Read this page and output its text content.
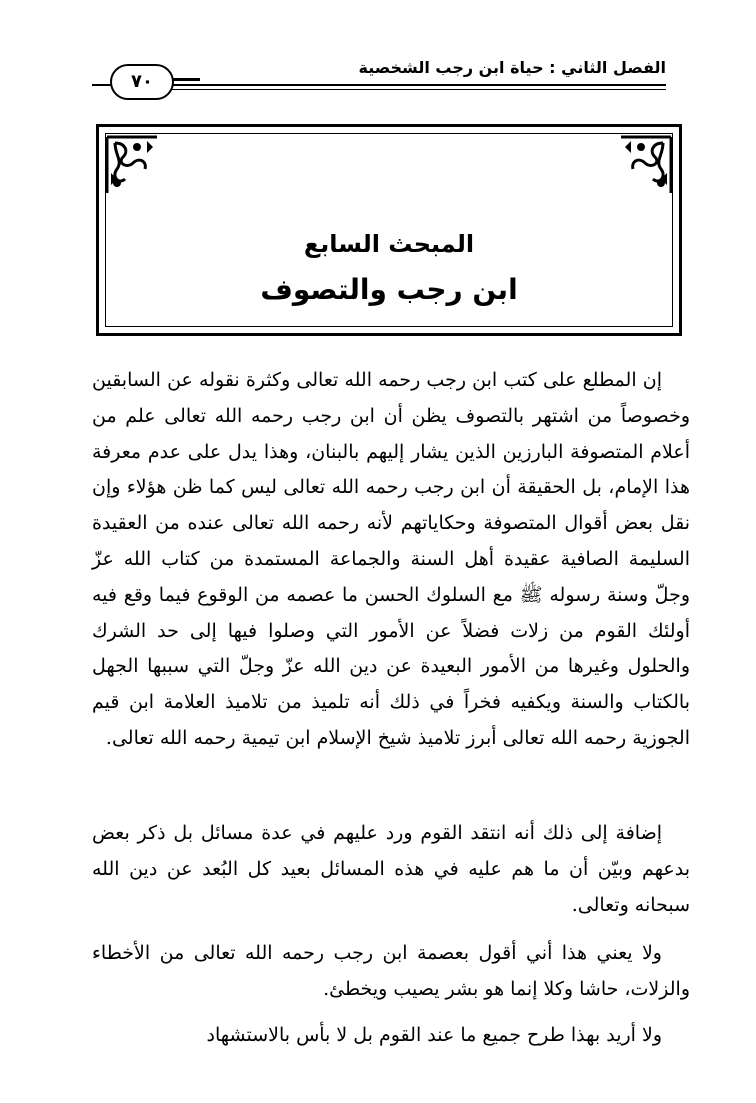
الفصل الثاني : حياة ابن رجب الشخصية
٧٠
المبحث السابع
ابن رجب والتصوف

إن المطلع على كتب ابن رجب رحمه الله تعالى وكثرة نقوله عن السابقين وخصوصاً من اشتهر بالتصوف يظن أن ابن رجب رحمه الله تعالى علم من أعلام المتصوفة البارزين الذين يشار إليهم بالبنان، وهذا يدل على عدم معرفة هذا الإمام، بل الحقيقة أن ابن رجب رحمه الله تعالى ليس كما ظن هؤلاء وإن نقل بعض أقوال المتصوفة وحكاياتهم لأنه رحمه الله تعالى عنده من العقيدة السليمة الصافية عقيدة أهل السنة والجماعة المستمدة من كتاب الله عزّ وجلّ وسنة رسوله ﷺ مع السلوك الحسن ما عصمه من الوقوع فيما وقع فيه أولئك القوم من زلات فضلاً عن الأمور التي وصلوا فيها إلى حد الشرك والحلول وغيرها من الأمور البعيدة عن دين الله عزّ وجلّ التي سببها الجهل بالكتاب والسنة ويكفيه فخراً في ذلك أنه تلميذ من تلاميذ العلامة ابن قيم الجوزية رحمه الله تعالى أبرز تلاميذ شيخ الإسلام ابن تيمية رحمه الله تعالى.

إضافة إلى ذلك أنه انتقد القوم ورد عليهم في عدة مسائل بل ذكر بعض بدعهم وبيّن أن ما هم عليه في هذه المسائل بعيد كل البُعد عن دين الله سبحانه وتعالى.

ولا يعني هذا أني أقول بعصمة ابن رجب رحمه الله تعالى من الأخطاء والزلات، حاشا وكلا إنما هو بشر يصيب ويخطئ.

ولا أريد بهذا طرح جميع ما عند القوم بل لا بأس بالاستشهاد
